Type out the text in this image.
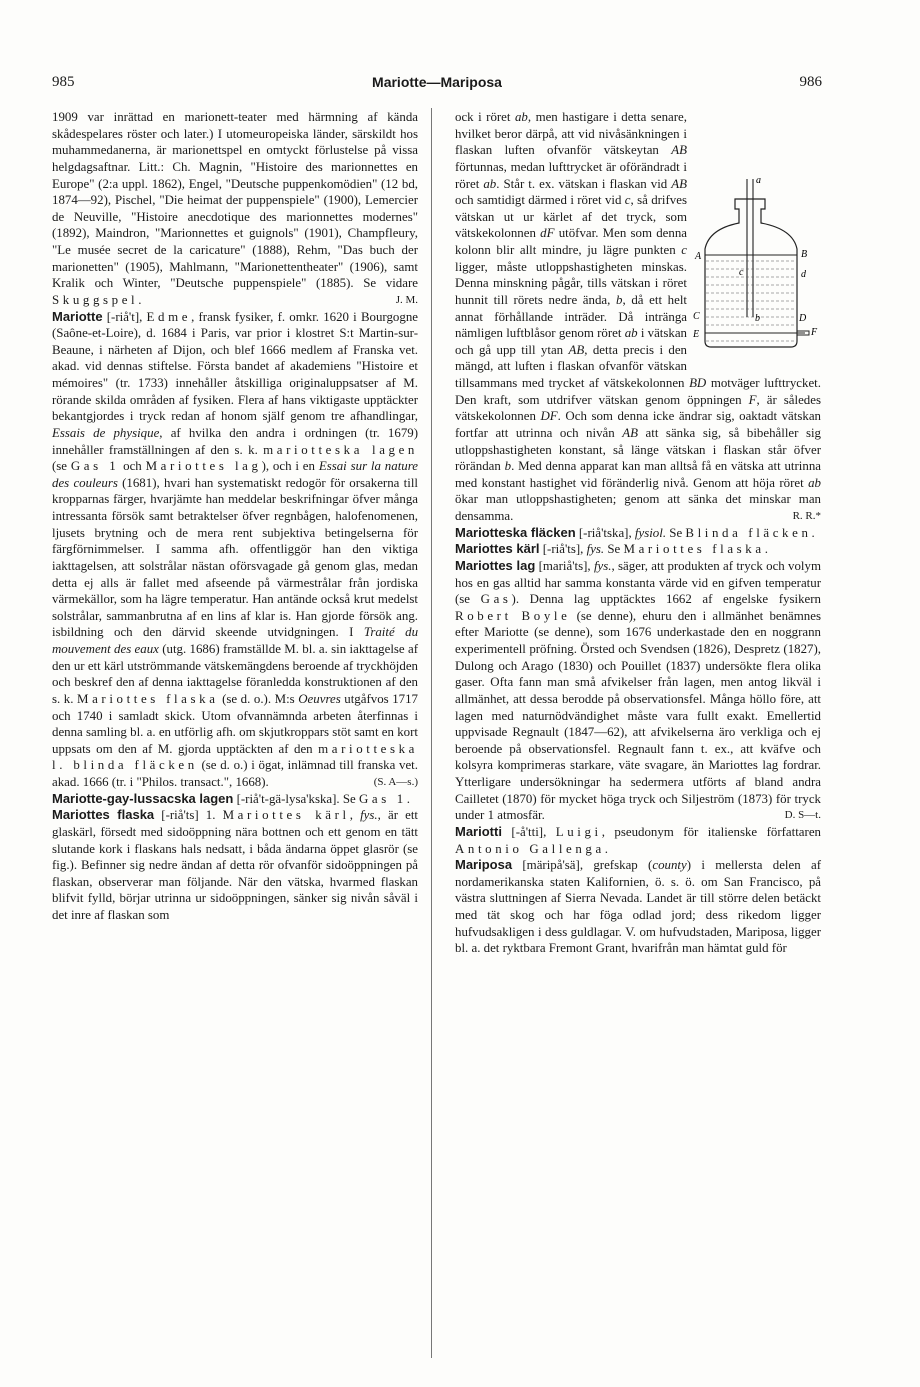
985	Mariotte—Mariposa	986

1909 var inrättad en marionett-teater med härmning af kända skådespelares röster och later.) I utomeuropeiska länder, särskildt hos muhammedanerna, är marionettspel en omtyckt förlustelse på vissa helgdagsaftnar. Litt.: Ch. Magnin, "Histoire des marionnettes en Europe" (2:a uppl. 1862), Engel, "Deutsche puppenkomödien" (12 bd, 1874—92), Pischel, "Die heimat der puppenspiele" (1900), Lemercier de Neuville, "Histoire anecdotique des marionnettes modernes" (1892), Maindron, "Marionnettes et guignols" (1901), Champfleury, "Le musée secret de la caricature" (1888), Rehm, "Das buch der marionetten" (1905), Mahlmann, "Marionettentheater" (1906), samt Kralik och Winter, "Deutsche puppenspiele" (1885). Se vidare Skuggspel.	J. M.

Mariotte [-riå't], Edme, fransk fysiker, f. omkr. 1620 i Bourgogne (Saône-et-Loire), d. 1684 i Paris, var prior i klostret S:t Martin-sur-Beaune, i närheten af Dijon, och blef 1666 medlem af Franska vet. akad. vid dennas stiftelse. Första bandet af akademiens "Histoire et mémoires" (tr. 1733) innehåller åtskilliga originaluppsatser af M. rörande skilda områden af fysiken. Flera af hans viktigaste upptäckter bekantgjordes i tryck redan af honom själf genom tre afhandlingar, Essais de physique, af hvilka den andra i ordningen (tr. 1679) innehåller framställningen af den s. k. mariotteska lagen (se Gas 1 och Mariottes lag), och i en Essai sur la nature des couleurs (1681), hvari han systematiskt redogör för orsakerna till kropparnas färger, hvarjämte han meddelar beskrifningar öfver många intressanta försök samt betraktelser öfver regnbågen, halofenomenen, ljusets brytning och de mera rent subjektiva betingelserna för färgförnimmelser. I samma afh. offentliggör han den viktiga iakttagelsen, att solstrålar nästan oförsvagade gå genom glas, medan detta ej alls är fallet med afseende på värmestrålar från jordiska värmekällor, som ha lägre temperatur. Han antände också krut medelst solstrålar, sammanbrutna af en lins af klar is. Han gjorde försök ang. isbildning och den därvid skeende utvidgningen. I Traité du mouvement des eaux (utg. 1686) framställde M. bl. a. sin iakttagelse af den ur ett kärl utströmmande vätskemängdens beroende af tryckhöjden och beskref den af denna iakttagelse föranledda konstruktionen af den s. k. Mariottes flaska (se d. o.). M:s Oeuvres utgåfvos 1717 och 1740 i samladt skick. Utom ofvannämnda arbeten återfinnas i denna samling bl. a. en utförlig afh. om skjutkroppars stöt samt en kort uppsats om den af M. gjorda upptäckten af den mariotteska l. blinda fläcken (se d. o.) i ögat, inlämnad till franska vet. akad. 1666 (tr. i "Philos. transact.", 1668).	(S. A—s.)

Mariotte-gay-lussacska lagen [-riå't-gä-lysa'kska]. Se Gas 1.

Mariottes flaska [-riå'ts] 1. Mariottes kärl, fys., är ett glaskärl, försedt med sidoöppning nära bottnen och ett genom en tätt slutande kork i flaskans hals nedsatt, i båda ändarna öppet glasrör (se fig.). Befinner sig nedre ändan af detta rör ofvanför sidoöppningen på flaskan, observerar man följande. När den vätska, hvarmed flaskan blifvit fylld, börjar utrinna ur sidoöppningen, sänker sig nivån såväl i det inre af flaskan som

a
A	B
c	d
C	b	D
E	F

ock i röret ab, men hastigare i detta senare, hvilket beror därpå, att vid nivåsänkningen i flaskan luften ofvanför vätskeytan AB förtunnas, medan lufttrycket är oförändradt i röret ab. Står t. ex. vätskan i flaskan vid AB och samtidigt därmed i röret vid c, så drifves vätskan ut ur kärlet af det tryck, som vätskekolonnen dF utöfvar. Men som denna kolonn blir allt mindre, ju lägre punkten c ligger, måste utloppshastigheten minskas. Denna minskning pågår, tills vätskan i röret hunnit till rörets nedre ända, b, då ett helt annat förhållande inträder. Då inträngа nämligen luftblåsor genom röret ab i vätskan och gå upp till ytan AB, detta precis i den mängd, att luften i flaskan ofvanför vätskan tillsammans med trycket af vätskekolonnen BD motväger lufttrycket. Den kraft, som utdrifver vätskan genom öppningen F, är således vätskekolonnen DF. Och som denna icke ändrar sig, oaktadt vätskan fortfar att utrinna och nivån AB att sänka sig, så bibehåller sig utloppshastigheten konstant, så länge vätskan i flaskan står öfver rörändan b. Med denna apparat kan man alltså få en vätska att utrinna med konstant hastighet vid föränderlig nivå. Genom att höja röret ab ökar man utloppshastigheten; genom att sänka det minskar man densamma.	R. R.*

Mariotteska fläcken [-riå'tska], fysiol. Se Blinda fläcken.

Mariottes kärl [-riå'ts], fys. Se Mariottes flaska.

Mariottes lag [mariå'ts], fys., säger, att produkten af tryck och volym hos en gas alltid har samma konstanta värde vid en gifven temperatur (se Gas). Denna lag upptäcktes 1662 af engelske fysikern Robert Boyle (se denne), ehuru den i allmänhet benämnes efter Mariotte (se denne), som 1676 underkastade den en noggrann experimentell pröfning. Örsted och Svendsen (1826), Despretz (1827), Dulong och Arago (1830) och Pouillet (1837) undersökte flera olika gaser. Ofta fann man små afvikelser från lagen, men antog likväl i allmänhet, att dessa berodde på observationsfel. Många höllo före, att lagen med naturnödvändighet måste vara fullt exakt. Emellertid uppvisade Regnault (1847—62), att afvikelserna äro verkliga och ej beroende på observationsfel. Regnault fann t. ex., att kväfve och kolsyra komprimeras starkare, väte svagare, än Mariottes lag fordrar. Ytterligare undersökningar ha sedermera utförts af bland andra Cailletet (1870) för mycket höga tryck och Siljeström (1873) för tryck under 1 atmosfär.	D. S—t.

Mariotti [-å'tti], Luigi, pseudonym för italienske författaren Antonio Gallenga.

Mariposa [märipå'sä], grefskap (county) i mellersta delen af nordamerikanska staten Kalifornien, ö. s. ö. om San Francisco, på västra sluttningen af Sierra Nevada. Landet är till större delen betäckt med tät skog och har föga odlad jord; dess rikedom ligger hufvudsakligen i dess guldlagar. V. om hufvudstaden, Mariposa, ligger bl. a. det ryktbara Fremont Grant, hvarifrån man hämtat guld för
